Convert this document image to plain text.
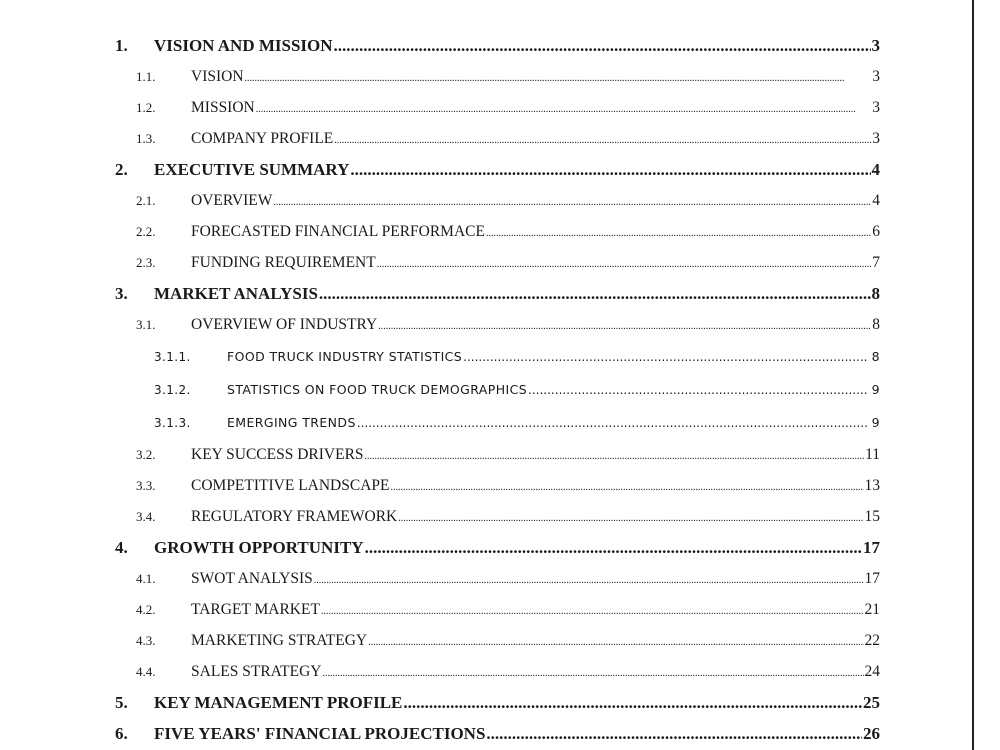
1.	VISION AND MISSION .....	3
1.1.	VISION .....	3
1.2.	MISSION .....	3
1.3.	COMPANY PROFILE .....	3
2.	EXECUTIVE SUMMARY .....	4
2.1.	OVERVIEW .....	4
2.2.	FORECASTED FINANCIAL PERFORMACE .....	6
2.3.	FUNDING REQUIREMENT .....	7
3.	MARKET ANALYSIS .....	8
3.1.	OVERVIEW OF INDUSTRY .....	8
3.1.1.	FOOD TRUCK INDUSTRY STATISTICS .....	8
3.1.2.	STATISTICS ON FOOD TRUCK DEMOGRAPHICS .....	9
3.1.3.	EMERGING TRENDS .....	9
3.2.	KEY SUCCESS DRIVERS .....	11
3.3.	COMPETITIVE LANDSCAPE .....	13
3.4.	REGULATORY FRAMEWORK .....	15
4.	GROWTH OPPORTUNITY .....	17
4.1.	SWOT ANALYSIS .....	17
4.2.	TARGET MARKET .....	21
4.3.	MARKETING STRATEGY .....	22
4.4.	SALES STRATEGY .....	24
5.	KEY MANAGEMENT PROFILE .....	25
6.	FIVE YEARS' FINANCIAL PROJECTIONS .....	26
